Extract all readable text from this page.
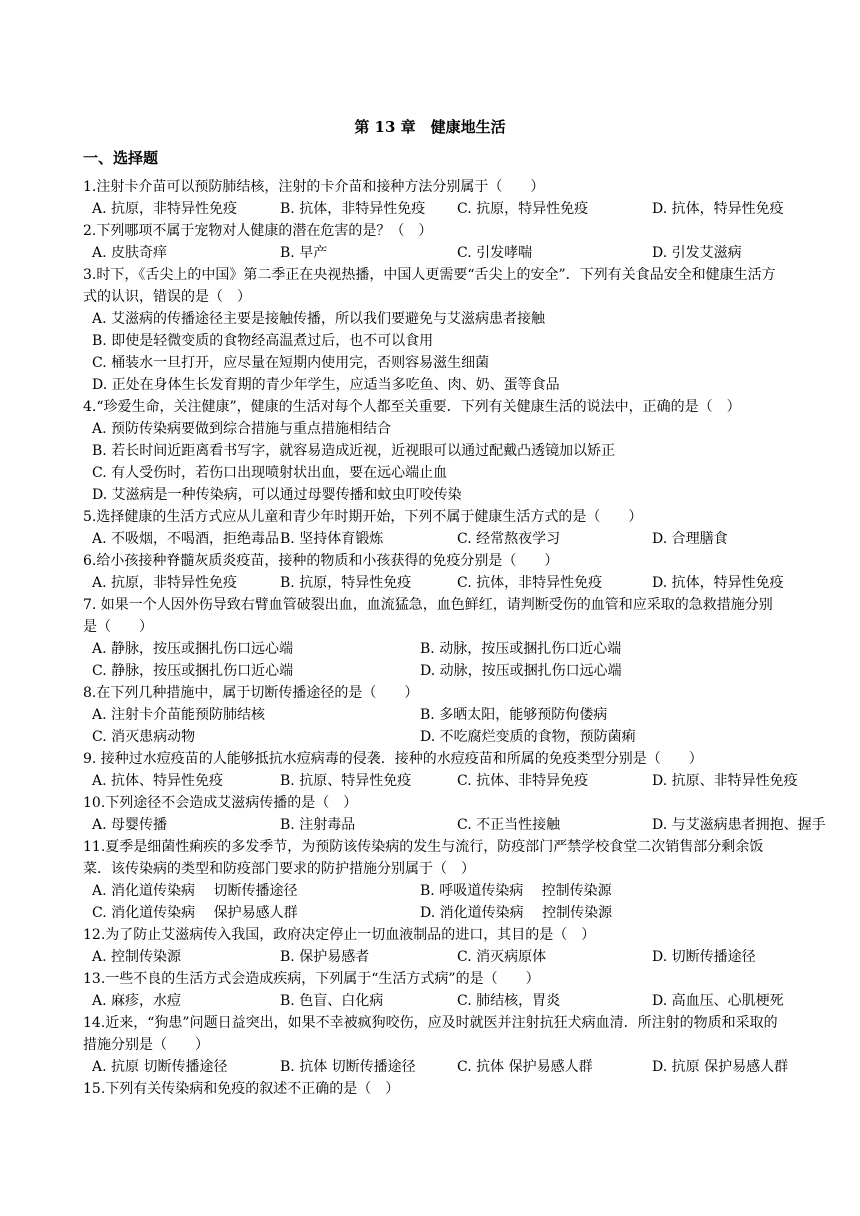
第 13 章　健康地生活
一、选择题
1.注射卡介苗可以预防肺结核，注射的卡介苗和接种方法分别属于（　　）
A. 抗原，非特异性免疫	B. 抗体，非特异性免疫 C. 抗原，特异性免疫	D. 抗体，特异性免疫
2.下列哪项不属于宠物对人健康的潜在危害的是？（　）
A. 皮肤奇痒	B. 早产	C. 引发哮喘	D. 引发艾滋病
3.时下，《舌尖上的中国》第二季正在央视热播，中国人更需要“舌尖上的安全”．下列有关食品安全和健康生活方式的认识，错误的是（　）
A. 艾滋病的传播途径主要是接触传播，所以我们要避免与艾滋病患者接触
B. 即使是轻微变质的食物经高温煮过后，也不可以食用
C. 桶装水一旦打开，应尽量在短期内使用完，否则容易滋生细菌
D. 正处在身体生长发育期的青少年学生，应适当多吃鱼、肉、奶、蛋等食品
4.“珍爱生命，关注健康”，健康的生活对每个人都至关重要．下列有关健康生活的说法中，正确的是（　）
A. 预防传染病要做到综合措施与重点措施相结合
B. 若长时间近距离看书写字，就容易造成近视，近视眼可以通过配戴凸透镜加以矫正
C. 有人受伤时，若伤口出现喷射状出血，要在远心端止血
D. 艾滋病是一种传染病，可以通过母婴传播和蚊虫叮咬传染
5.选择健康的生活方式应从儿童和青少年时期开始，下列不属于健康生活方式的是（　　）
A. 不吸烟，不喝酒，拒绝毒品 B. 坚持体育锻炼	C. 经常熬夜学习	D. 合理膳食
6.给小孩接种脊髓灰质炎疫苗，接种的物质和小孩获得的免疫分别是（　　）
A. 抗原，非特异性免疫	B. 抗原，特异性免疫	C. 抗体，非特异性免疫	D. 抗体，特异性免疫
7. 如果一个人因外伤导致右臂血管破裂出血，血流猛急，血色鲜红，请判断受伤的血管和应采取的急救措施分别是（　　）
A. 静脉，按压或捆扎伤口远心端	B. 动脉，按压或捆扎伤口近心端
C. 静脉，按压或捆扎伤口近心端	D. 动脉，按压或捆扎伤口远心端
8.在下列几种措施中，属于切断传播途径的是（　　）
A. 注射卡介苗能预防肺结核	B. 多晒太阳，能够预防佝偻病
C. 消灭患病动物	D. 不吃腐烂变质的食物，预防菌痢
9. 接种过水痘疫苗的人能够抵抗水痘病毒的侵袭．接种的水痘疫苗和所属的免疫类型分别是（　　）
A. 抗体、特异性免疫	B. 抗原、特异性免疫	C. 抗体、非特异免疫	D. 抗原、非特异性免疫
10.下列途径不会造成艾滋病传播的是（　）
A. 母婴传播	B. 注射毒品	C. 不正当性接触	D. 与艾滋病患者拥抱、握手
11.夏季是细菌性痢疾的多发季节，为预防该传染病的发生与流行，防疫部门严禁学校食堂二次销售部分剩余饭菜．该传染病的类型和防疫部门要求的防护措施分别属于（　）
A. 消化道传染病　 切断传播途径	B. 呼吸道传染病　 控制传染源
C. 消化道传染病　 保护易感人群	D. 消化道传染病　 控制传染源
12.为了防止艾滋病传入我国，政府决定停止一切血液制品的进口，其目的是（　）
A. 控制传染源	B. 保护易感者	C. 消灭病原体	D. 切断传播途径
13.一些不良的生活方式会造成疾病，下列属于“生活方式病”的是（　　）
A. 麻疹，水痘	B. 色盲、白化病	C. 肺结核，胃炎	D. 高血压、心肌梗死
14.近来，“狗患”问题日益突出，如果不幸被疯狗咬伤，应及时就医并注射抗狂犬病血清．所注射的物质和采取的措施分别是（　　）
A. 抗原 切断传播途径	B. 抗体 切断传播途径	C. 抗体 保护易感人群	D. 抗原 保护易感人群
15.下列有关传染病和免疫的叙述不正确的是（　）
